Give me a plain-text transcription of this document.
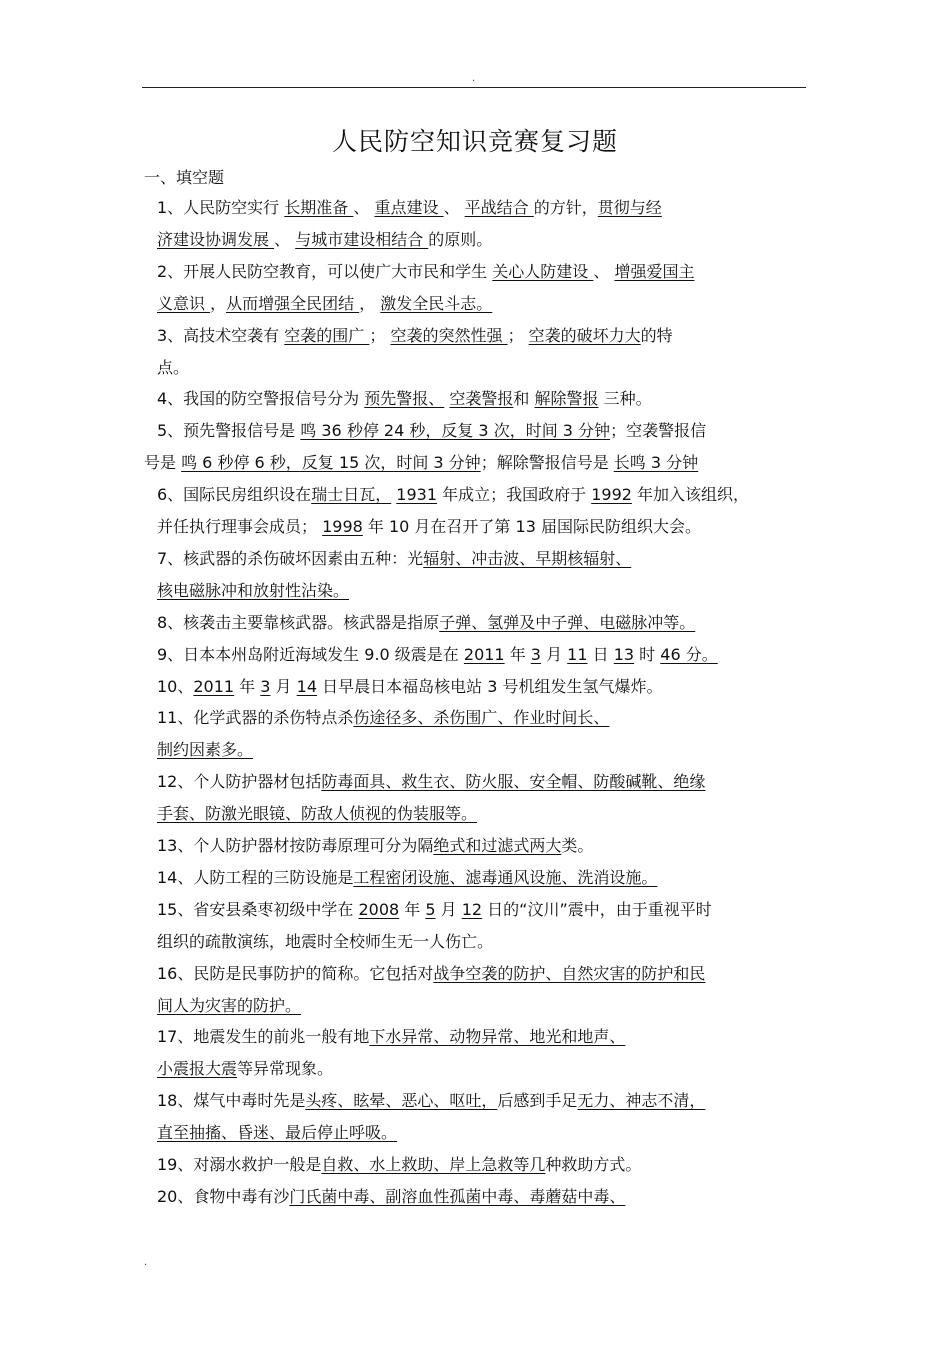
.
人民防空知识竞赛复习题
一、填空题
1、人民防空实行 长期准备 、 重点建设 、 平战结合 的方针，贯彻与经
济建设协调发展 、 与城市建设相结合 的原则。
2、开展人民防空教育，可以使广大市民和学生 关心人防建设 、 增强爱国主
义意识 ，从而增强全民团结 ， 激发全民斗志。
3、高技术空袭有 空袭的围广 ； 空袭的突然性强 ； 空袭的破坏力大的特
点。
4、我国的防空警报信号分为 预先警报、 空袭警报和 解除警报 三种。
5、预先警报信号是 鸣 36 秒停 24 秒，反复 3 次，时间 3 分钟；空袭警报信
号是 鸣 6 秒停 6 秒，反复 15 次，时间 3 分钟；解除警报信号是 长鸣 3 分钟
6、国际民房组织设在瑞士日瓦， 1931 年成立；我国政府于 1992 年加入该组织，
并任执行理事会成员； 1998 年 10 月在召开了第 13 届国际民防组织大会。
7、核武器的杀伤破坏因素由五种：光辐射、冲击波、早期核辐射、
核电磁脉冲和放射性沾染。
8、核袭击主要靠核武器。核武器是指原子弹、氢弹及中子弹、电磁脉冲等。
9、日本本州岛附近海域发生 9.0 级震是在 2011 年 3 月 11 日 13 时 46 分。
10、2011 年 3 月 14 日早晨日本福岛核电站 3 号机组发生氢气爆炸。
11、化学武器的杀伤特点杀伤途径多、杀伤围广、作业时间长、
制约因素多。
12、个人防护器材包括防毒面具、救生衣、防火服、安全帽、防酸碱靴、绝缘
手套、防激光眼镜、防敌人侦视的伪装服等。
13、个人防护器材按防毒原理可分为隔绝式和过滤式两大类。
14、人防工程的三防设施是工程密闭设施、滤毒通风设施、洗消设施。
15、省安县桑枣初级中学在 2008 年 5 月 12 日的“汶川”震中，由于重视平时
组织的疏散演练，地震时全校师生无一人伤亡。
16、民防是民事防护的简称。它包括对战争空袭的防护、自然灾害的防护和民
间人为灾害的防护。
17、地震发生的前兆一般有地下水异常、动物异常、地光和地声、
小震报大震等异常现象。
18、煤气中毒时先是头疼、眩晕、恶心、呕吐，后感到手足无力、神志不清，
直至抽搐、昏迷、最后停止呼吸。
19、对溺水救护一般是自救、水上救助、岸上急救等几种救助方式。
20、食物中毒有沙门氏菌中毒、副溶血性孤菌中毒、毒蘑菇中毒、
.
